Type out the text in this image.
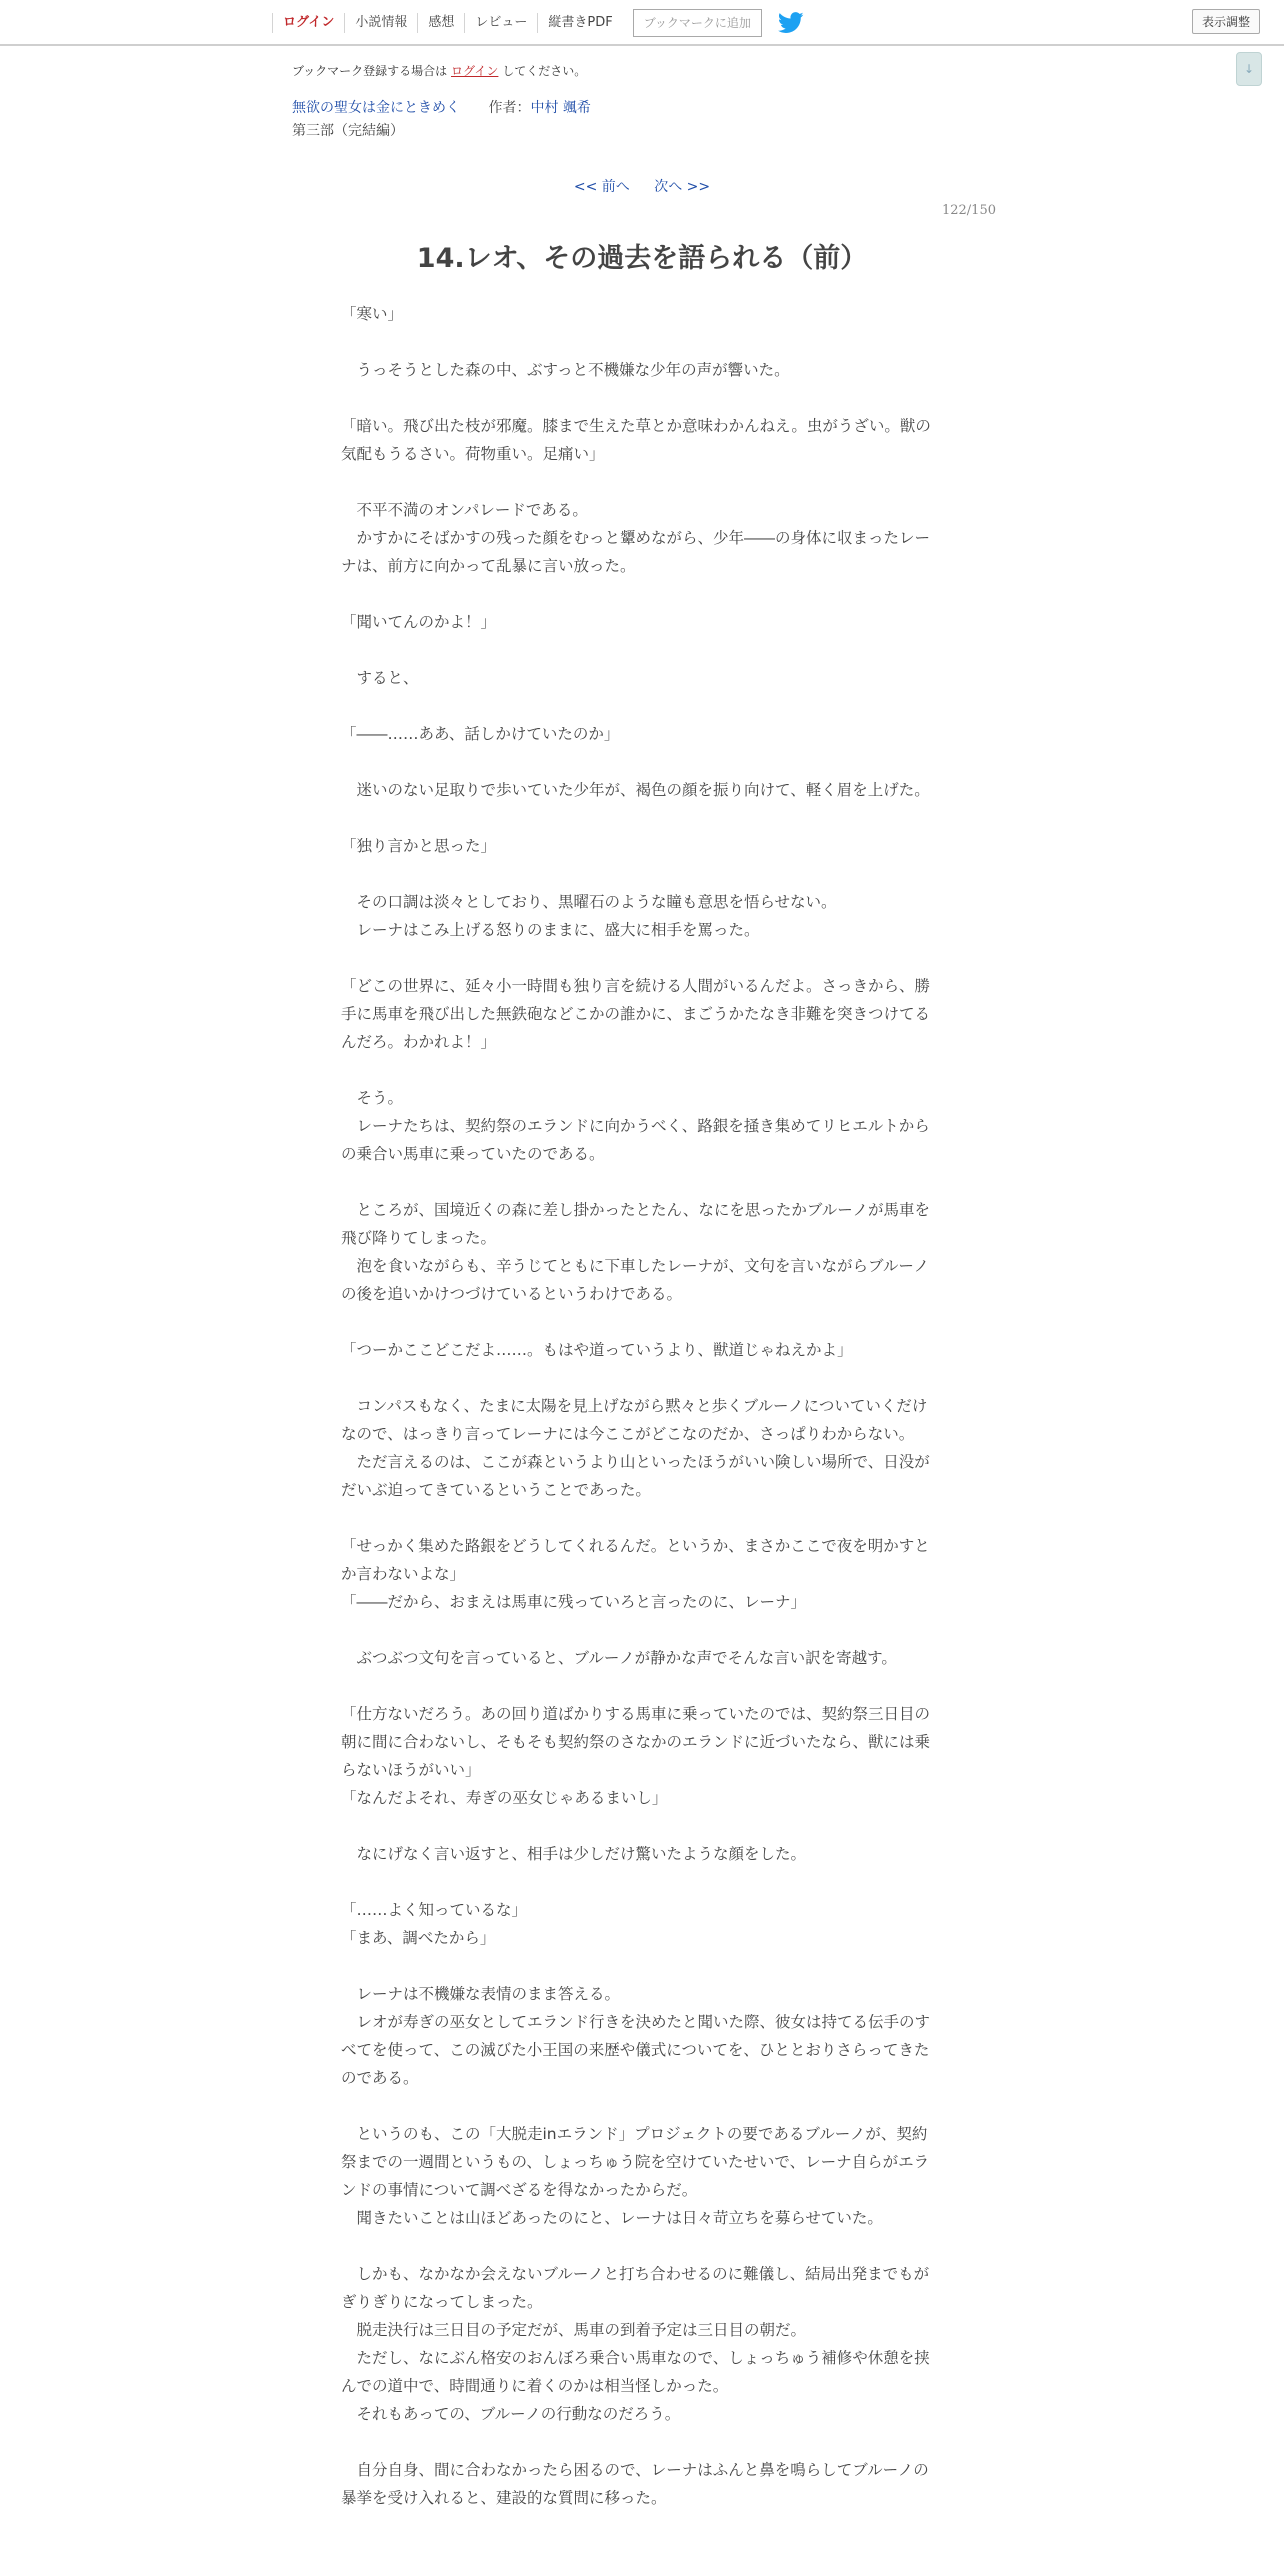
ログイン	小説情報	感想	レビュー	縦書きPDF	ブックマークに追加	表示調整
↓
ブックマーク登録する場合は ログイン してください。
無欲の聖女は金にときめく 作者：中村 颯希
第三部（完結編）
<< 前へ 次へ >>
122/150
14.レオ、その過去を語られる（前）

「寒い」

　うっそうとした森の中、ぶすっと不機嫌な少年の声が響いた。

「暗い。飛び出た枝が邪魔。膝まで生えた草とか意味わかんねえ。虫がうざい。獣の気配もうるさい。荷物重い。足痛い」

　不平不満のオンパレードである。

　かすかにそばかすの残った顔をむっと顰めながら、少年――の身体に収まったレーナは、前方に向かって乱暴に言い放った。

「聞いてんのかよ！」

　すると、

「――……ああ、話しかけていたのか」

　迷いのない足取りで歩いていた少年が、褐色の顔を振り向けて、軽く眉を上げた。

「独り言かと思った」

　その口調は淡々としており、黒曜石のような瞳も意思を悟らせない。

　レーナはこみ上げる怒りのままに、盛大に相手を罵った。

「どこの世界に、延々小一時間も独り言を続ける人間がいるんだよ。さっきから、勝手に馬車を飛び出した無鉄砲などこかの誰かに、まごうかたなき非難を突きつけてるんだろ。わかれよ！」

　そう。

　レーナたちは、契約祭のエランドに向かうべく、路銀を掻き集めてリヒエルトからの乗合い馬車に乗っていたのである。

　ところが、国境近くの森に差し掛かったとたん、なにを思ったかブルーノが馬車を飛び降りてしまった。

　泡を食いながらも、辛うじてともに下車したレーナが、文句を言いながらブルーノの後を追いかけつづけているというわけである。

「つーかここどこだよ……。もはや道っていうより、獣道じゃねえかよ」

　コンパスもなく、たまに太陽を見上げながら黙々と歩くブルーノについていくだけなので、はっきり言ってレーナには今ここがどこなのだか、さっぱりわからない。

　ただ言えるのは、ここが森というより山といったほうがいい険しい場所で、日没がだいぶ迫ってきているということであった。

「せっかく集めた路銀をどうしてくれるんだ。というか、まさかここで夜を明かすとか言わないよな」

「――だから、おまえは馬車に残っていろと言ったのに、レーナ」

　ぶつぶつ文句を言っていると、ブルーノが静かな声でそんな言い訳を寄越す。

「仕方ないだろう。あの回り道ばかりする馬車に乗っていたのでは、契約祭三日目の朝に間に合わないし、そもそも契約祭のさなかのエランドに近づいたなら、獣には乗らないほうがいい」

「なんだよそれ、寿ぎの巫女じゃあるまいし」

　なにげなく言い返すと、相手は少しだけ驚いたような顔をした。

「……よく知っているな」

「まあ、調べたから」

　レーナは不機嫌な表情のまま答える。

　レオが寿ぎの巫女としてエランド行きを決めたと聞いた際、彼女は持てる伝手のすべてを使って、この滅びた小王国の来歴や儀式についてを、ひととおりさらってきたのである。

　というのも、この「大脱走inエランド」プロジェクトの要であるブルーノが、契約祭までの一週間というもの、しょっちゅう院を空けていたせいで、レーナ自らがエランドの事情について調べざるを得なかったからだ。

　聞きたいことは山ほどあったのにと、レーナは日々苛立ちを募らせていた。

　しかも、なかなか会えないブルーノと打ち合わせるのに難儀し、結局出発までもがぎりぎりになってしまった。

　脱走決行は三日目の予定だが、馬車の到着予定は三日目の朝だ。

　ただし、なにぶん格安のおんぼろ乗合い馬車なので、しょっちゅう補修や休憩を挟んでの道中で、時間通りに着くのかは相当怪しかった。

　それもあっての、ブルーノの行動なのだろう。

　自分自身、間に合わなかったら困るので、レーナはふんと鼻を鳴らしてブルーノの暴挙を受け入れると、建設的な質問に移った。
